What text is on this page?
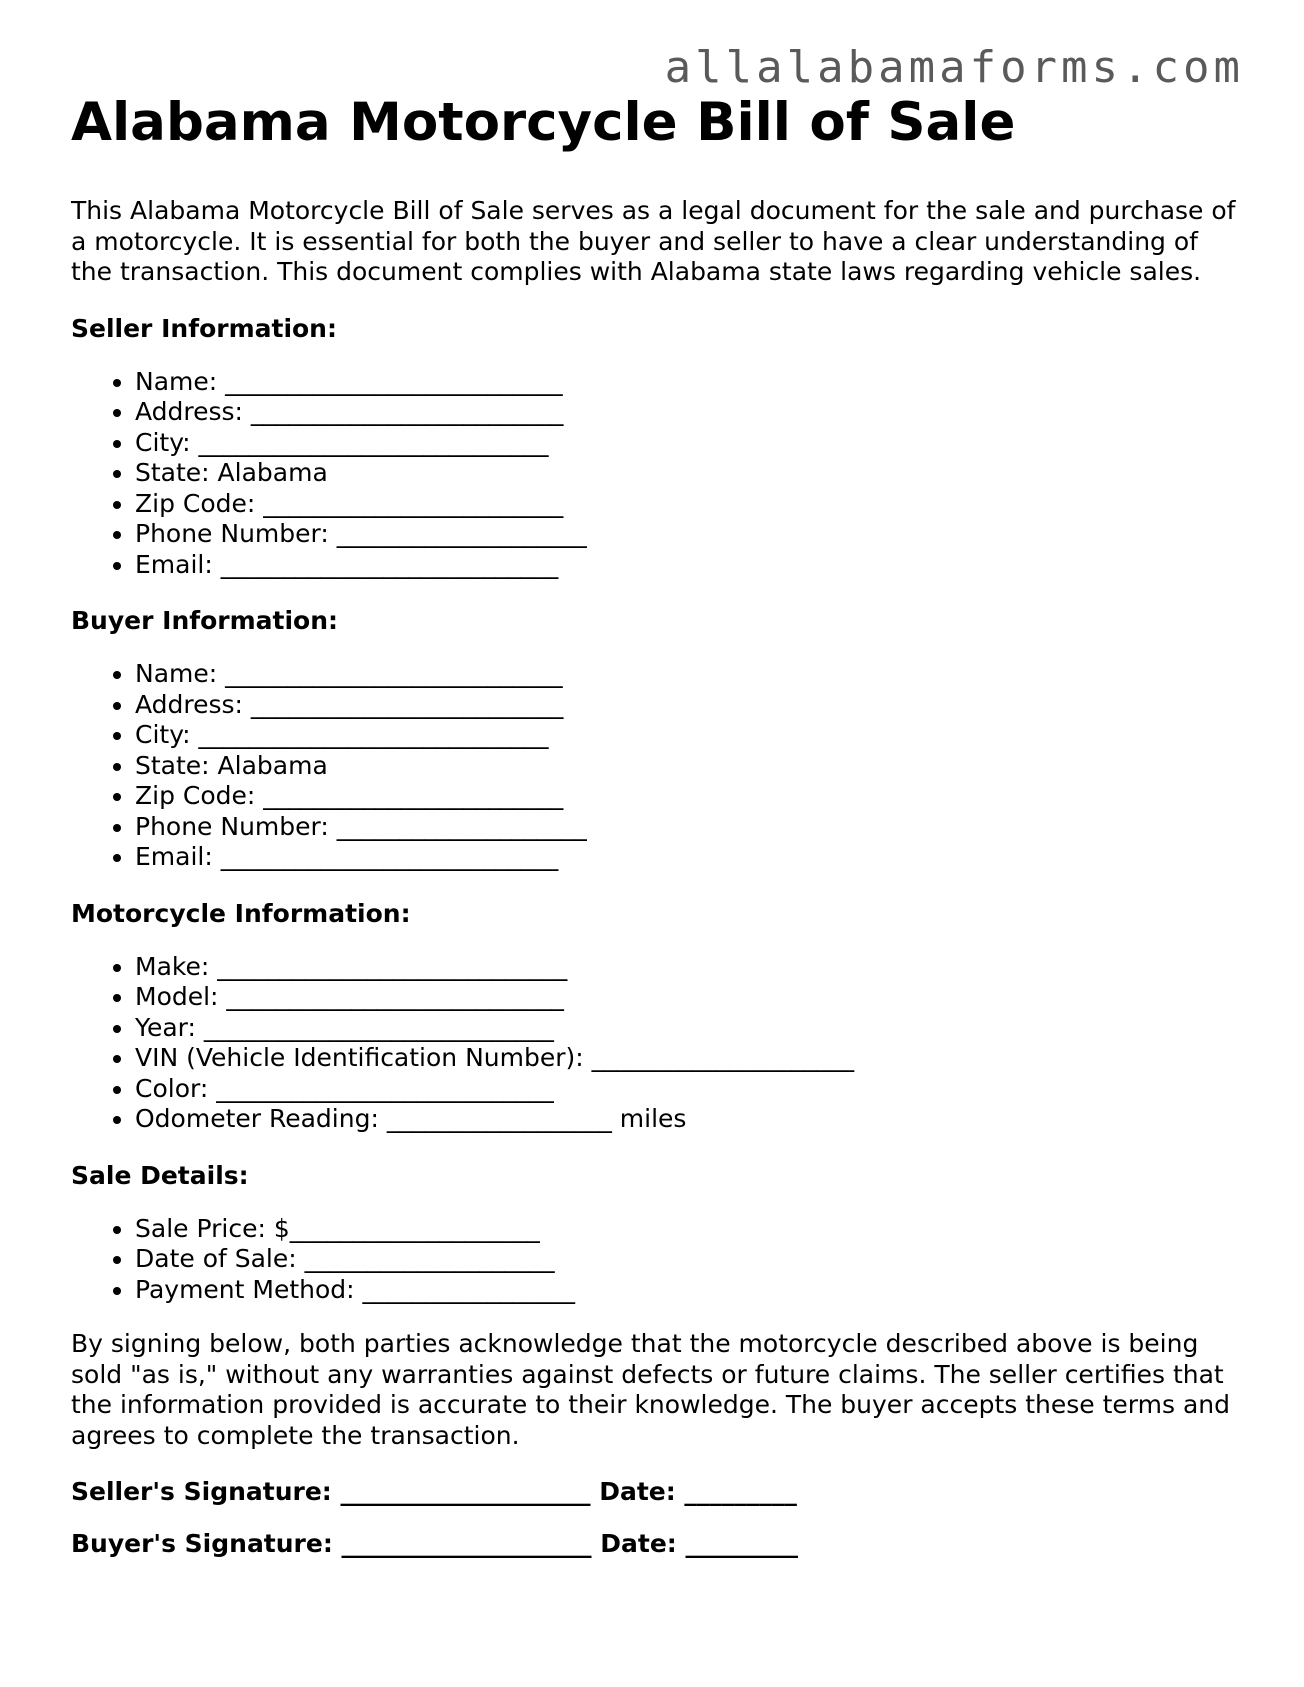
allalabamaforms.com
Alabama Motorcycle Bill of Sale

This Alabama Motorcycle Bill of Sale serves as a legal document for the sale and purchase of a motorcycle. It is essential for both the buyer and seller to have a clear understanding of the transaction. This document complies with Alabama state laws regarding vehicle sales.

Seller Information:

• Name: ___________________________
• Address: _________________________
• City: ____________________________
• State: Alabama
• Zip Code: ________________________
• Phone Number: ____________________
• Email: ___________________________

Buyer Information:

• Name: ___________________________
• Address: _________________________
• City: ____________________________
• State: Alabama
• Zip Code: ________________________
• Phone Number: ____________________
• Email: ___________________________

Motorcycle Information:

• Make: ____________________________
• Model: ___________________________
• Year: ____________________________
• VIN (Vehicle Identification Number): _____________________
• Color: ___________________________
• Odometer Reading: __________________ miles

Sale Details:

• Sale Price: $____________________
• Date of Sale: ____________________
• Payment Method: _________________

By signing below, both parties acknowledge that the motorcycle described above is being sold "as is," without any warranties against defects or future claims. The seller certifies that the information provided is accurate to their knowledge. The buyer accepts these terms and agrees to complete the transaction.

Seller's Signature: ____________________ Date: _________

Buyer's Signature: ____________________ Date: _________
